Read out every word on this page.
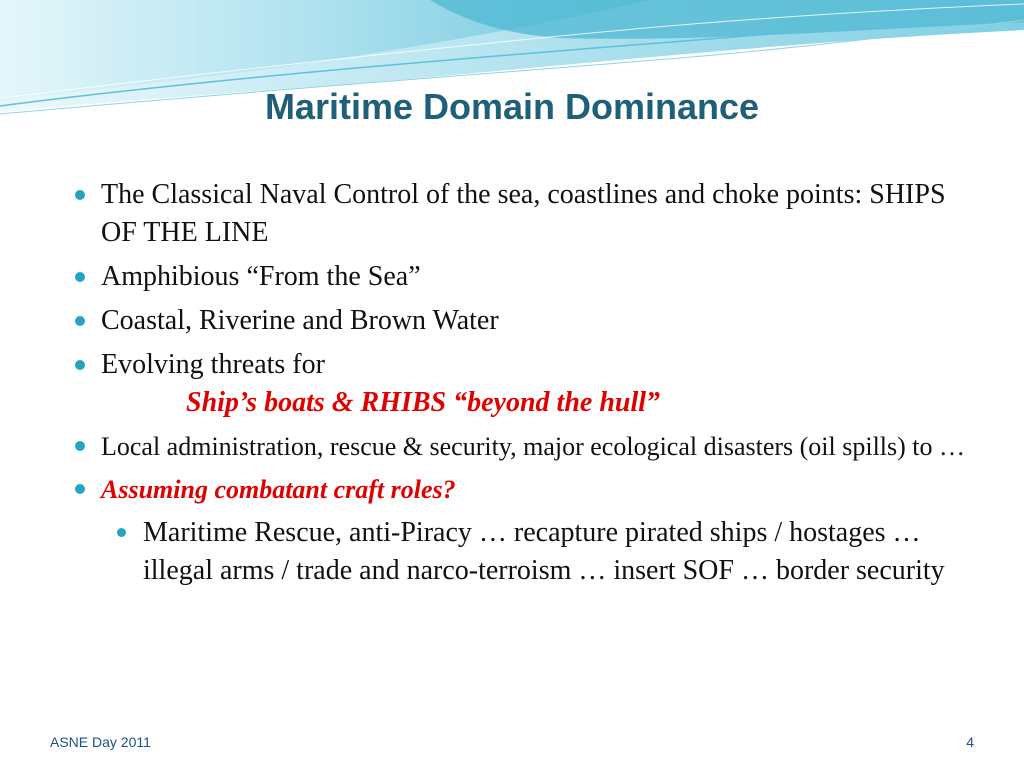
Maritime Domain Dominance
The Classical Naval Control of the sea, coastlines and choke points: SHIPS OF THE LINE
Amphibious “From the Sea”
Coastal, Riverine and Brown Water
Evolving threats for
Ship’s boats & RHIBS “beyond the hull”
Local administration, rescue & security, major ecological disasters (oil spills) to …
Assuming combatant craft roles?
Maritime Rescue, anti-Piracy … recapture pirated ships / hostages … illegal arms / trade and narco-terroism … insert SOF … border security
ASNE Day 2011	4
